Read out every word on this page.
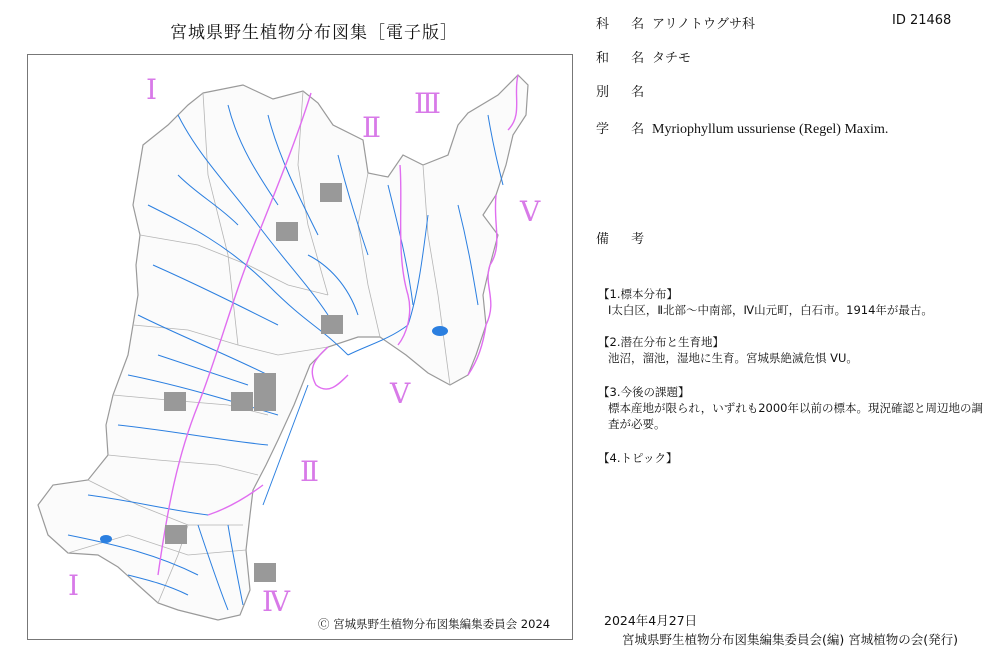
宮城県野生植物分布図集［電子版］
Ⅰ
Ⅱ
Ⅲ
Ⅴ
Ⅴ
Ⅱ
Ⅰ	Ⅳ
Ⓒ 宮城県野生植物分布図集編集委員会 2024
ID 21468
科 名アリノトウグサ科
和 名タチモ
別 名
学 名Myriophyllum ussuriense (Regel) Maxim.
備 考
【1.標本分布】
Ⅰ太白区，Ⅱ北部～中南部，Ⅳ山元町，白石市。1914年が最古。
【2.潜在分布と生育地】
池沼，溜池，湿地に生育。宮城県絶滅危惧 VU。
【3.今後の課題】
標本産地が限られ，いずれも2000年以前の標本。現況確認と周辺地の調査が必要。
【4.トピック】
2024年4月27日
宮城県野生植物分布図集編集委員会(編) 宮城植物の会(発行)
